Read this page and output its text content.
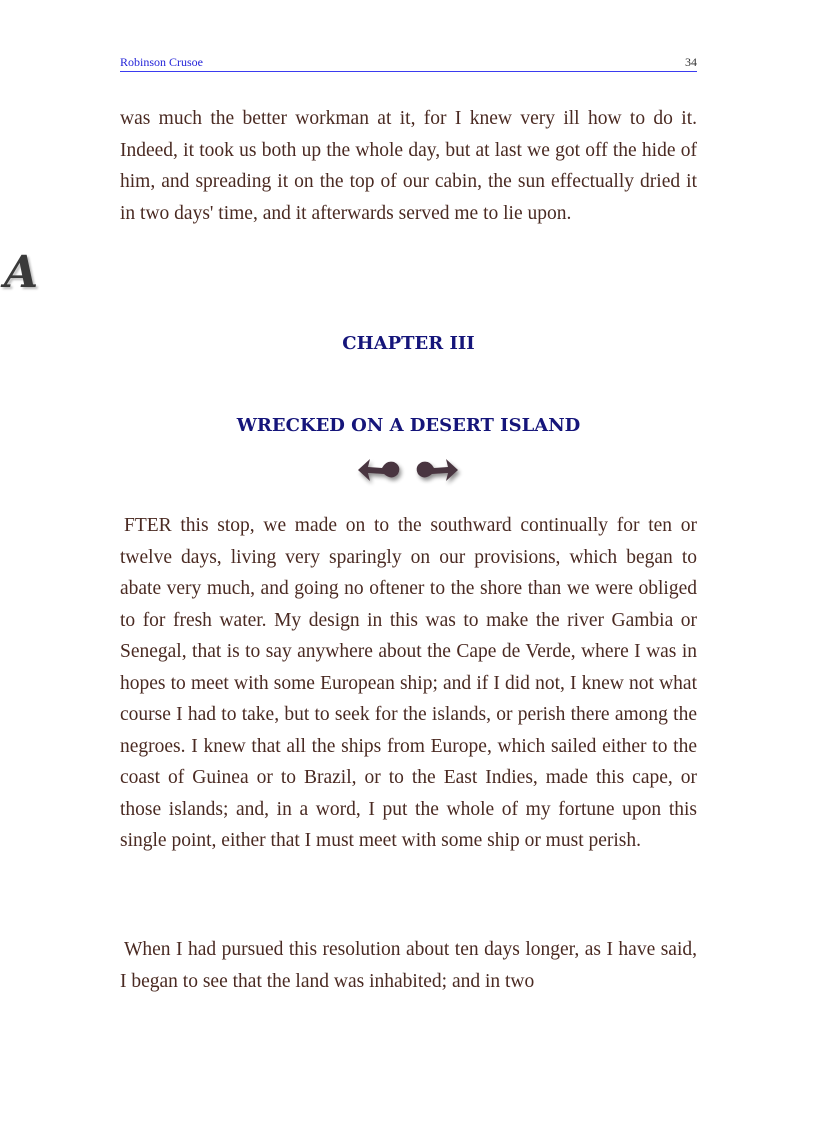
Robinson Crusoe	34

was much the better workman at it, for I knew very ill how to do it. Indeed, it took us both up the whole day, but at last we got off the hide of him, and spreading it on the top of our cabin, the sun effectually dried it in two days' time, and it afterwards served me to lie upon.

A
CHAPTER III
WRECKED ON A DESERT ISLAND

FTER this stop, we made on to the southward continually for ten or twelve days, living very sparingly on our provisions, which began to abate very much, and going no oftener to the shore than we were obliged to for fresh water. My design in this was to make the river Gambia or Senegal, that is to say anywhere about the Cape de Verde, where I was in hopes to meet with some European ship; and if I did not, I knew not what course I had to take, but to seek for the islands, or perish there among the negroes. I knew that all the ships from Europe, which sailed either to the coast of Guinea or to Brazil, or to the East Indies, made this cape, or those islands; and, in a word, I put the whole of my fortune upon this single point, either that I must meet with some ship or must perish.

When I had pursued this resolution about ten days longer, as I have said, I began to see that the land was inhabited; and in two
